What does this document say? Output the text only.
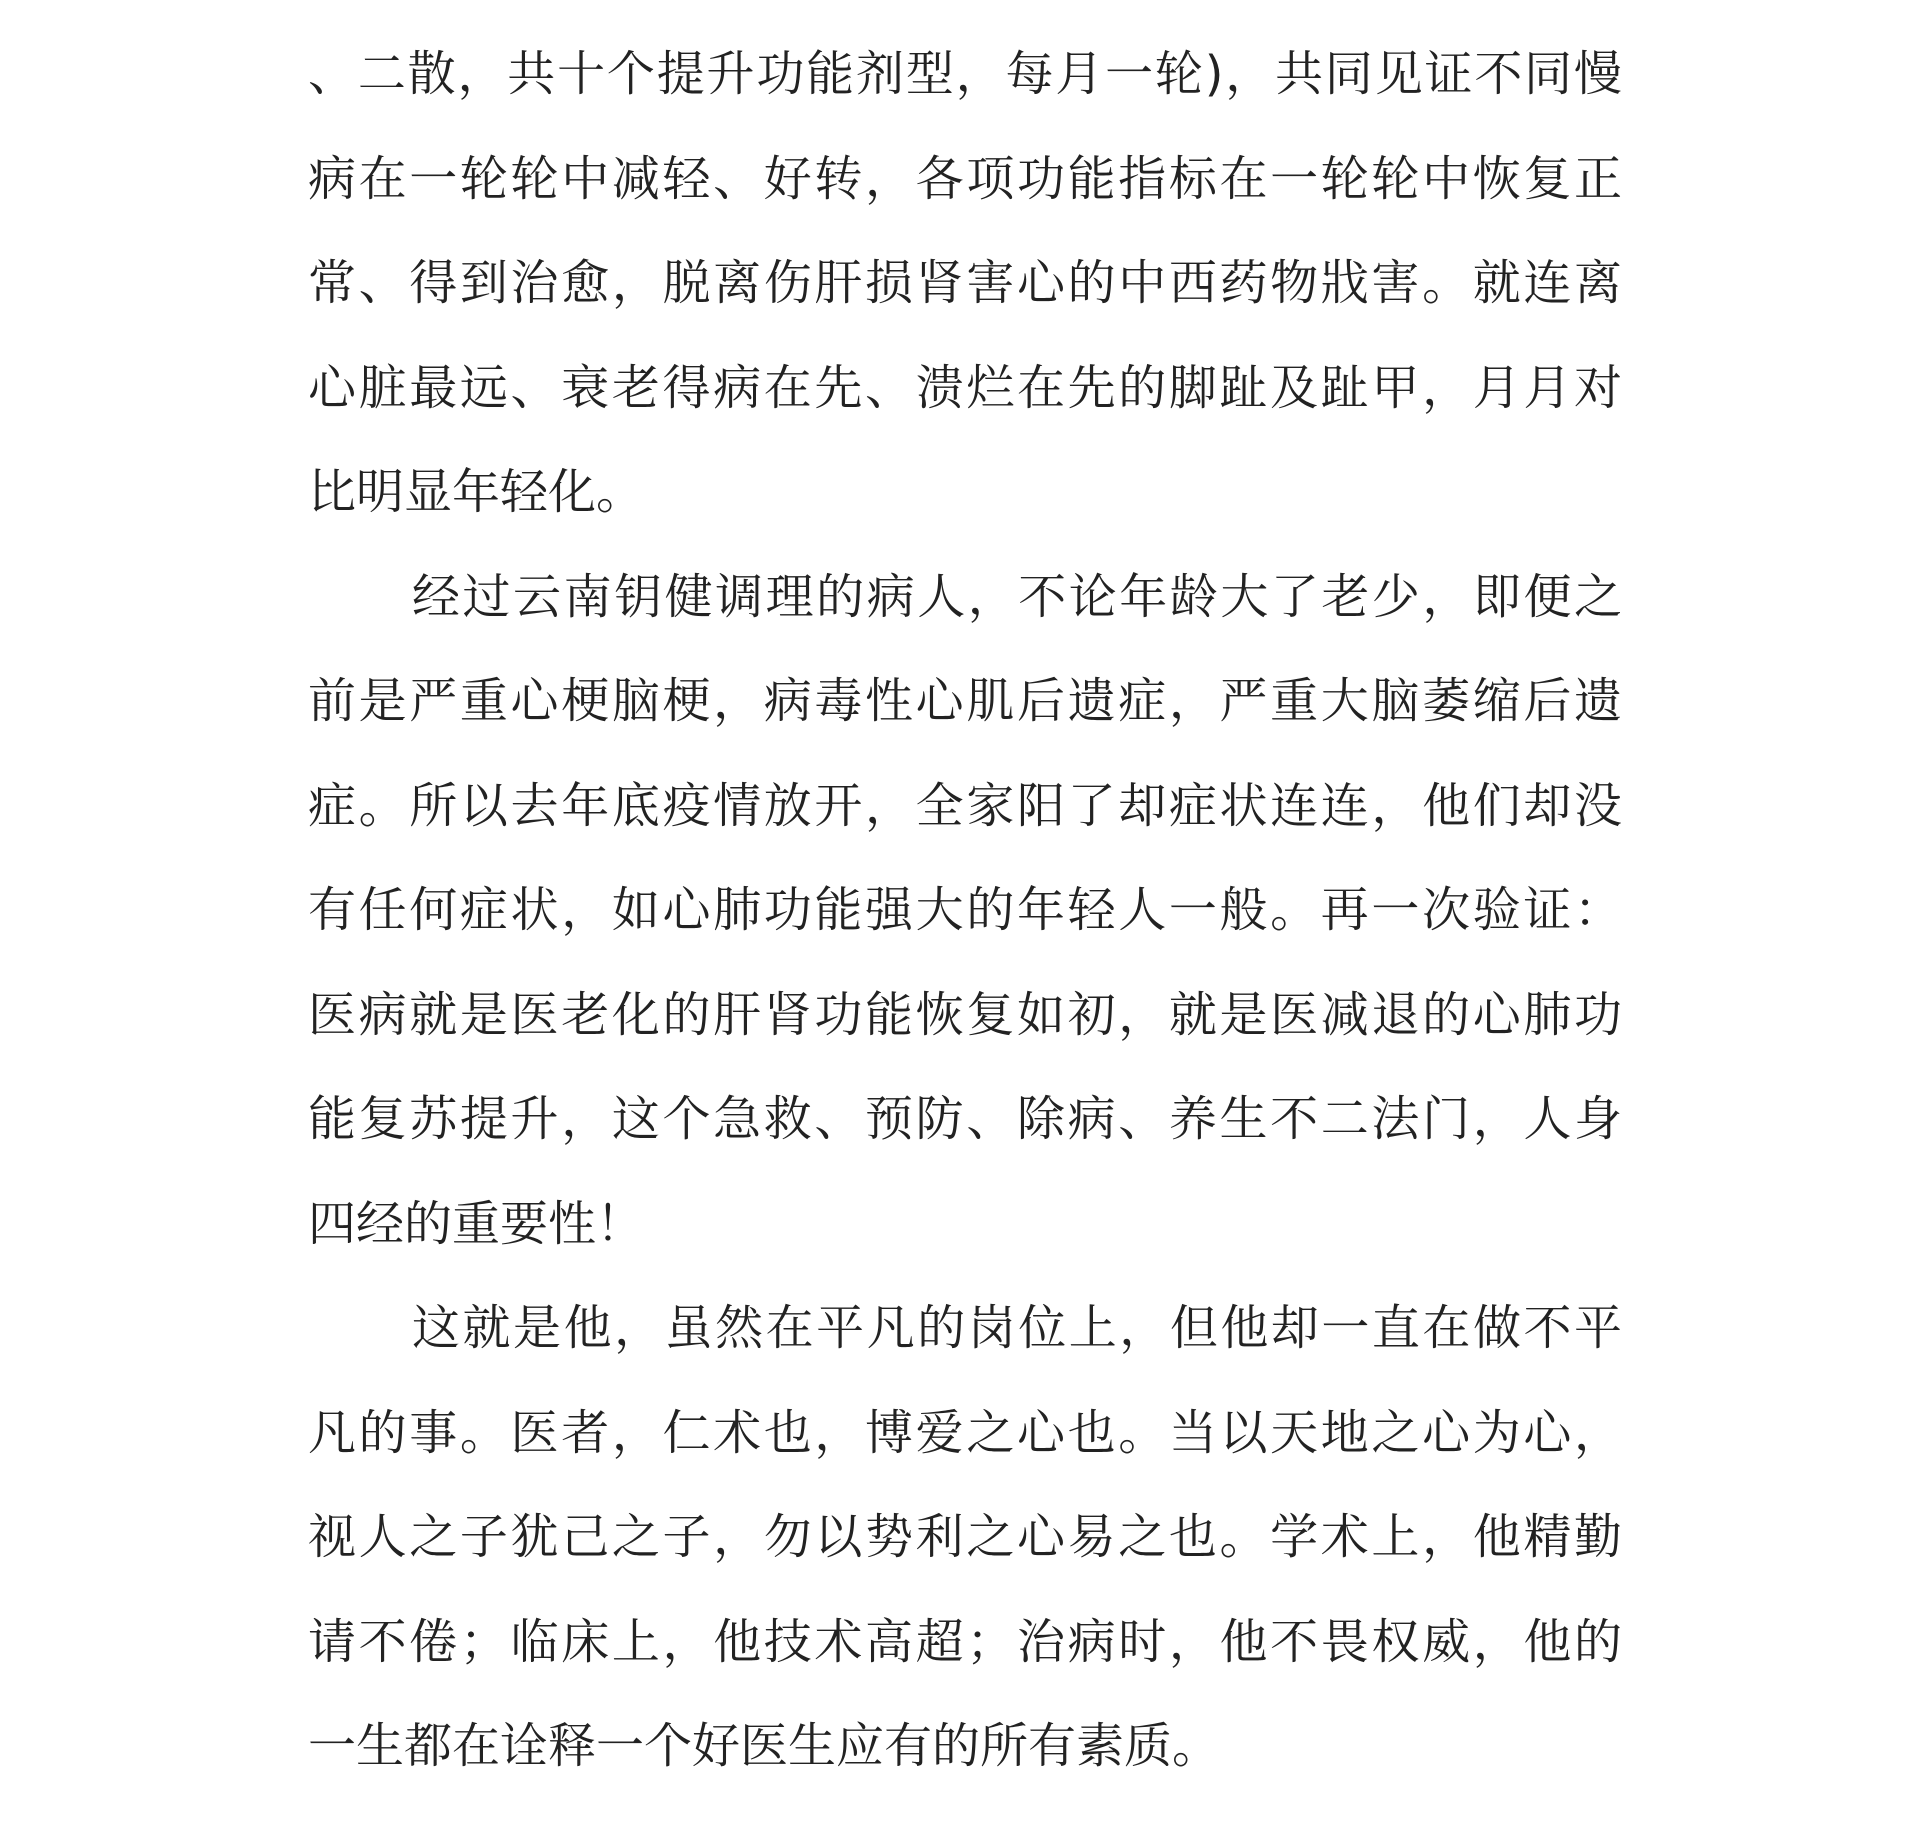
、二散，共十个提升功能剂型，每月一轮)，共同见证不同慢
病在一轮轮中减轻、好转，各项功能指标在一轮轮中恢复正
常、得到治愈，脱离伤肝损肾害心的中西药物戕害。就连离
心脏最远、衰老得病在先、溃烂在先的脚趾及趾甲，月月对
比明显年轻化。
经过云南钥健调理的病人，不论年龄大了老少，即便之
前是严重心梗脑梗，病毒性心肌后遗症，严重大脑萎缩后遗
症。所以去年底疫情放开，全家阳了却症状连连，他们却没
有任何症状，如心肺功能强大的年轻人一般。再一次验证：
医病就是医老化的肝肾功能恢复如初，就是医减退的心肺功
能复苏提升，这个急救、预防、除病、养生不二法门，人身
四经的重要性！
这就是他，虽然在平凡的岗位上，但他却一直在做不平
凡的事。医者，仁术也，博爱之心也。当以天地之心为心，
视人之子犹己之子，勿以势利之心易之也。学术上，他精勤
请不倦；临床上，他技术高超；治病时，他不畏权威，他的
一生都在诠释一个好医生应有的所有素质。
